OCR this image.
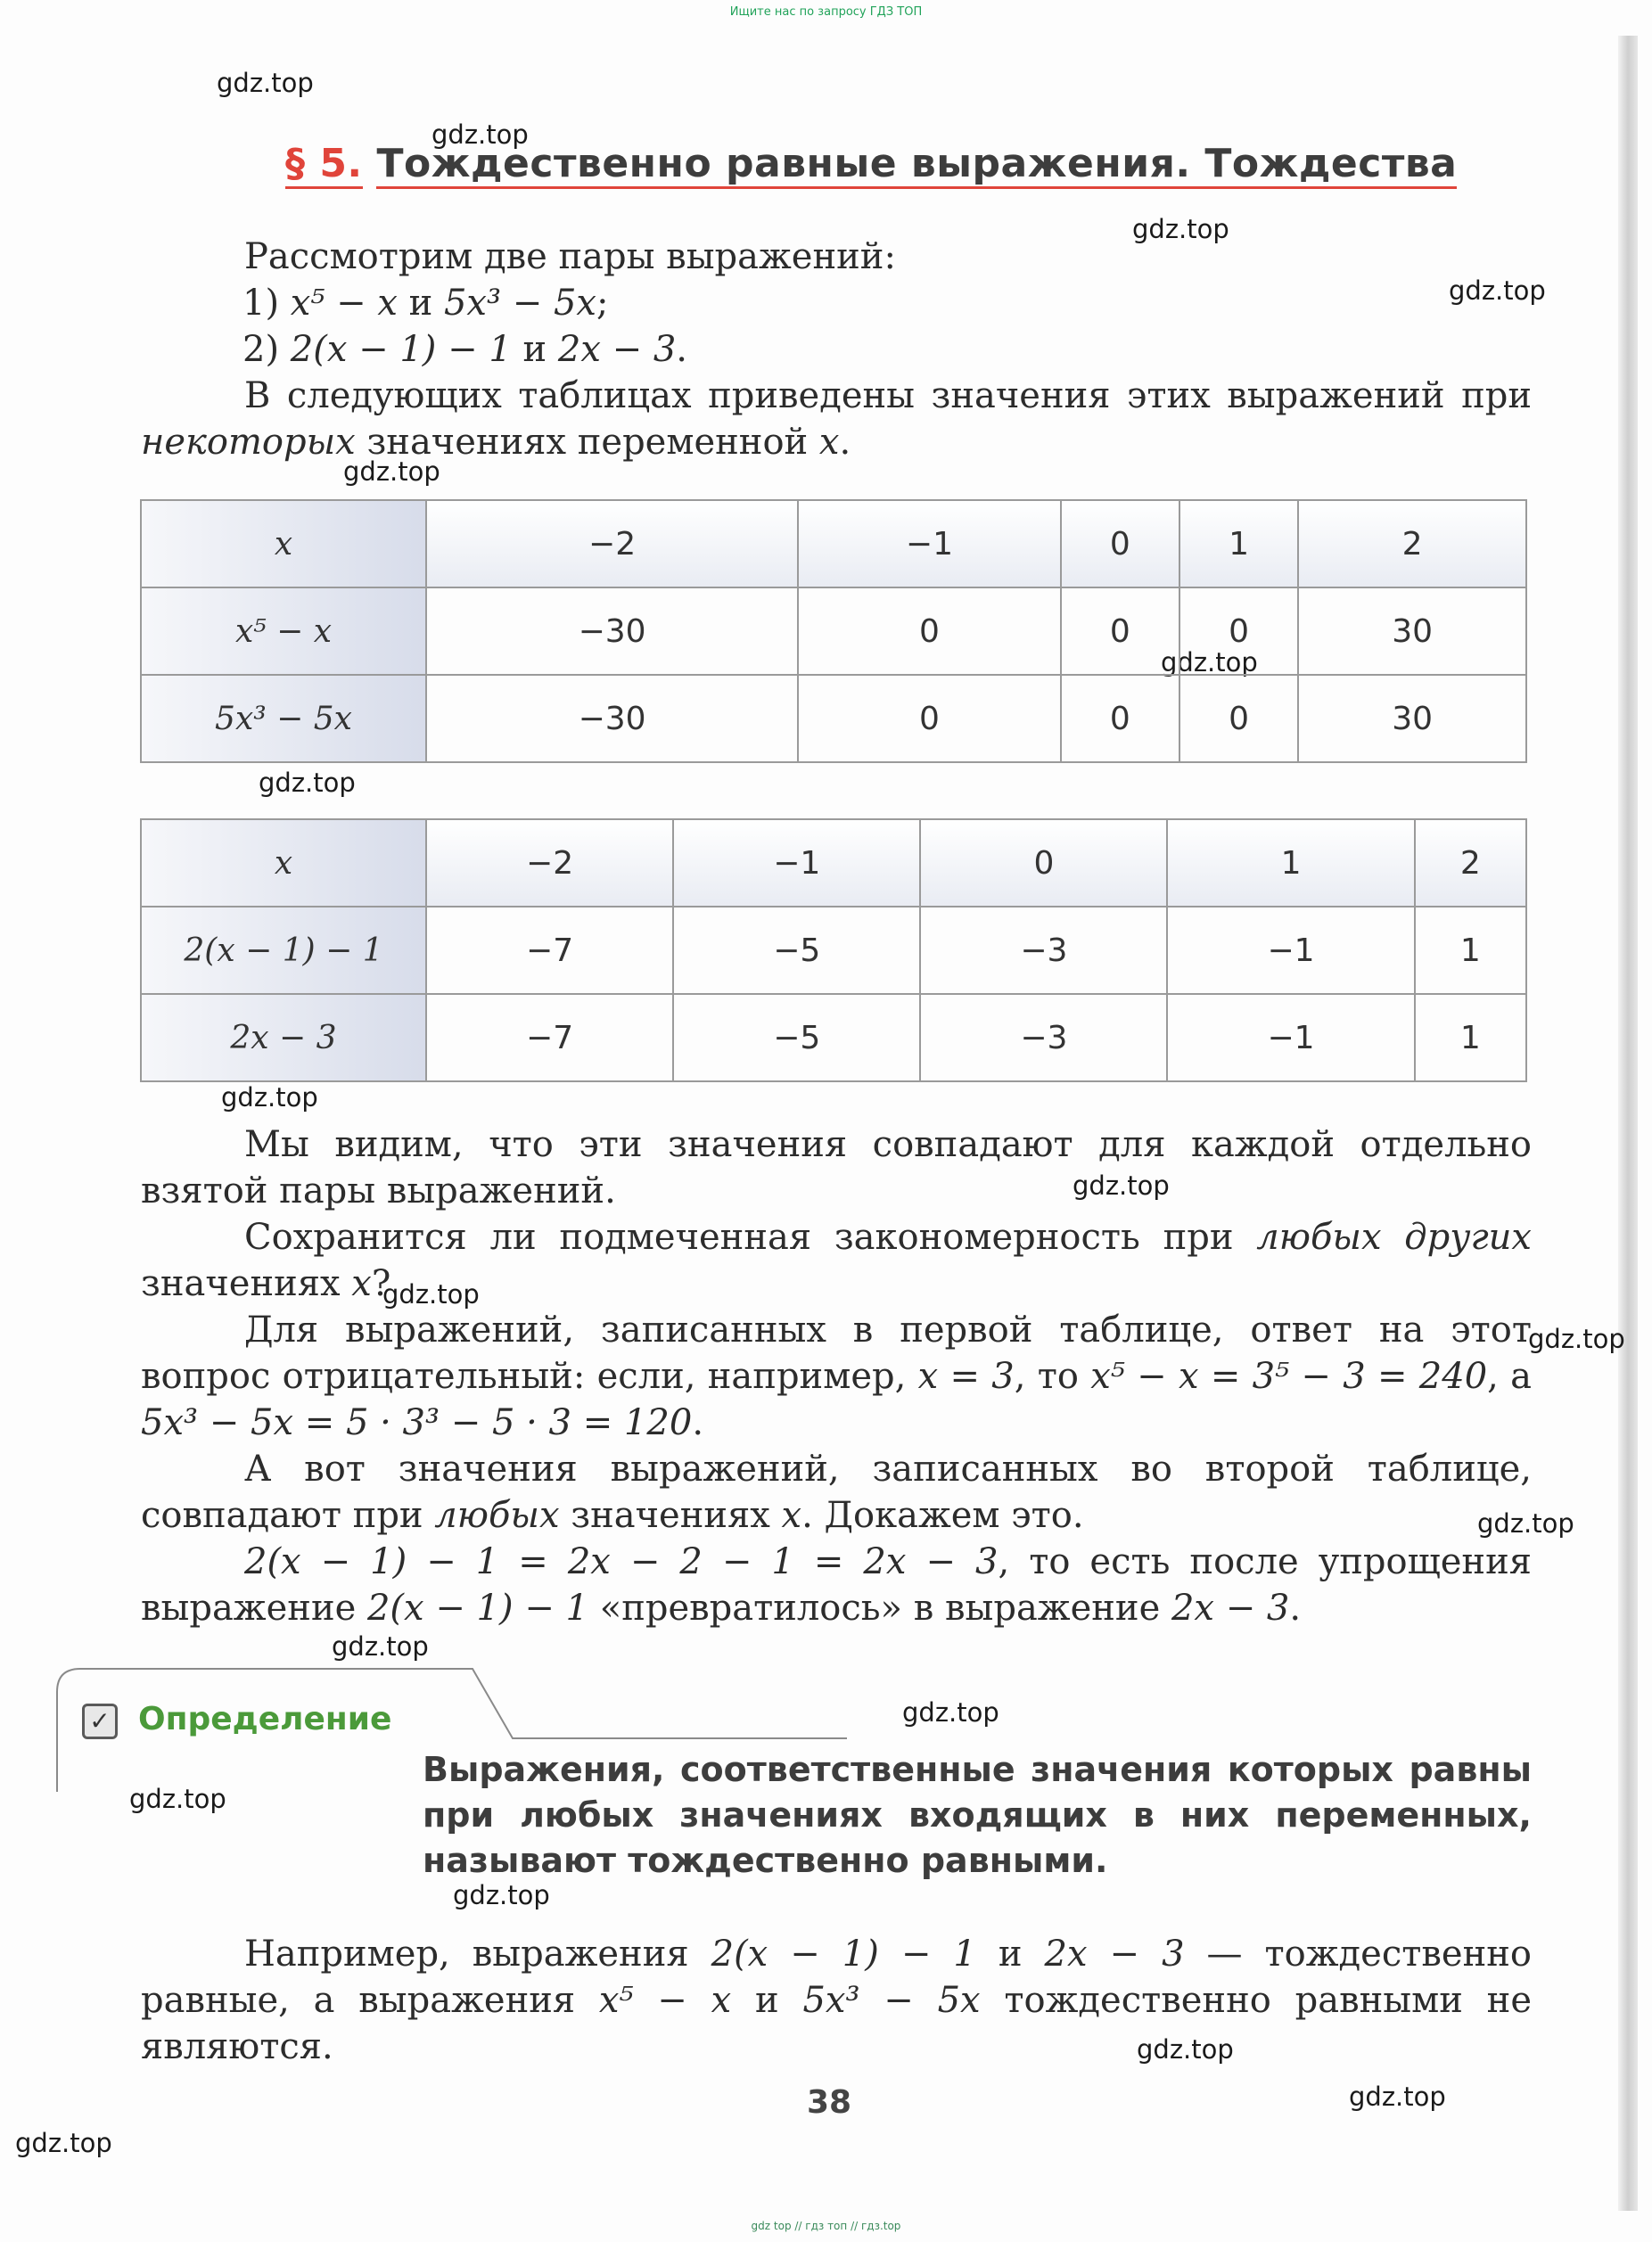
Ищите нас по запросу ГДЗ ТОП
gdz.top
gdz.top
gdz.top
gdz.top
gdz.top
gdz.top
gdz.top
gdz.top
gdz.top
gdz.top
gdz.top
gdz.top
gdz.top
gdz.top
gdz.top
gdz.top
gdz.top
gdz.top
gdz.top
§ 5. Тождественно равные выражения. Тождества
Рассмотрим две пары выражений:
1) x⁵ − x и 5x³ − 5x;
2) 2(x − 1) − 1 и 2x − 3.
В следующих таблицах приведены значения этих выражений при некоторых значениях переменной x.
x	−2	−1	0	1	2
x⁵ − x	−30	0	0	0	30
5x³ − 5x	−30	0	0	0	30
x	−2	−1	0	1	2
2(x − 1) − 1	−7	−5	−3	−1	1
2x − 3	−7	−5	−3	−1	1
Мы видим, что эти значения совпадают для каждой отдельно взятой пары выражений.
Сохранится ли подмеченная закономерность при любых других значениях x?
Для выражений, записанных в первой таблице, ответ на этот вопрос отрицательный: если, например, x = 3, то x⁵ − x = 3⁵ − 3 = 240, а 5x³ − 5x = 5 · 3³ − 5 · 3 = 120.
А вот значения выражений, записанных во второй таблице, совпадают при любых значениях x. Докажем это.
2(x − 1) − 1 = 2x − 2 − 1 = 2x − 3, то есть после упрощения выражение 2(x − 1) − 1 «превратилось» в выражение 2x − 3.
✓ Определение
Выражения, соответственные значения которых равны при любых значениях входящих в них переменных, называют тождественно равными.
Например, выражения 2(x − 1) − 1 и 2x − 3 — тождественно равные, а выражения x⁵ − x и 5x³ − 5x тождественно равными не являются.
38
gdz top // гдз топ // гдз.top
